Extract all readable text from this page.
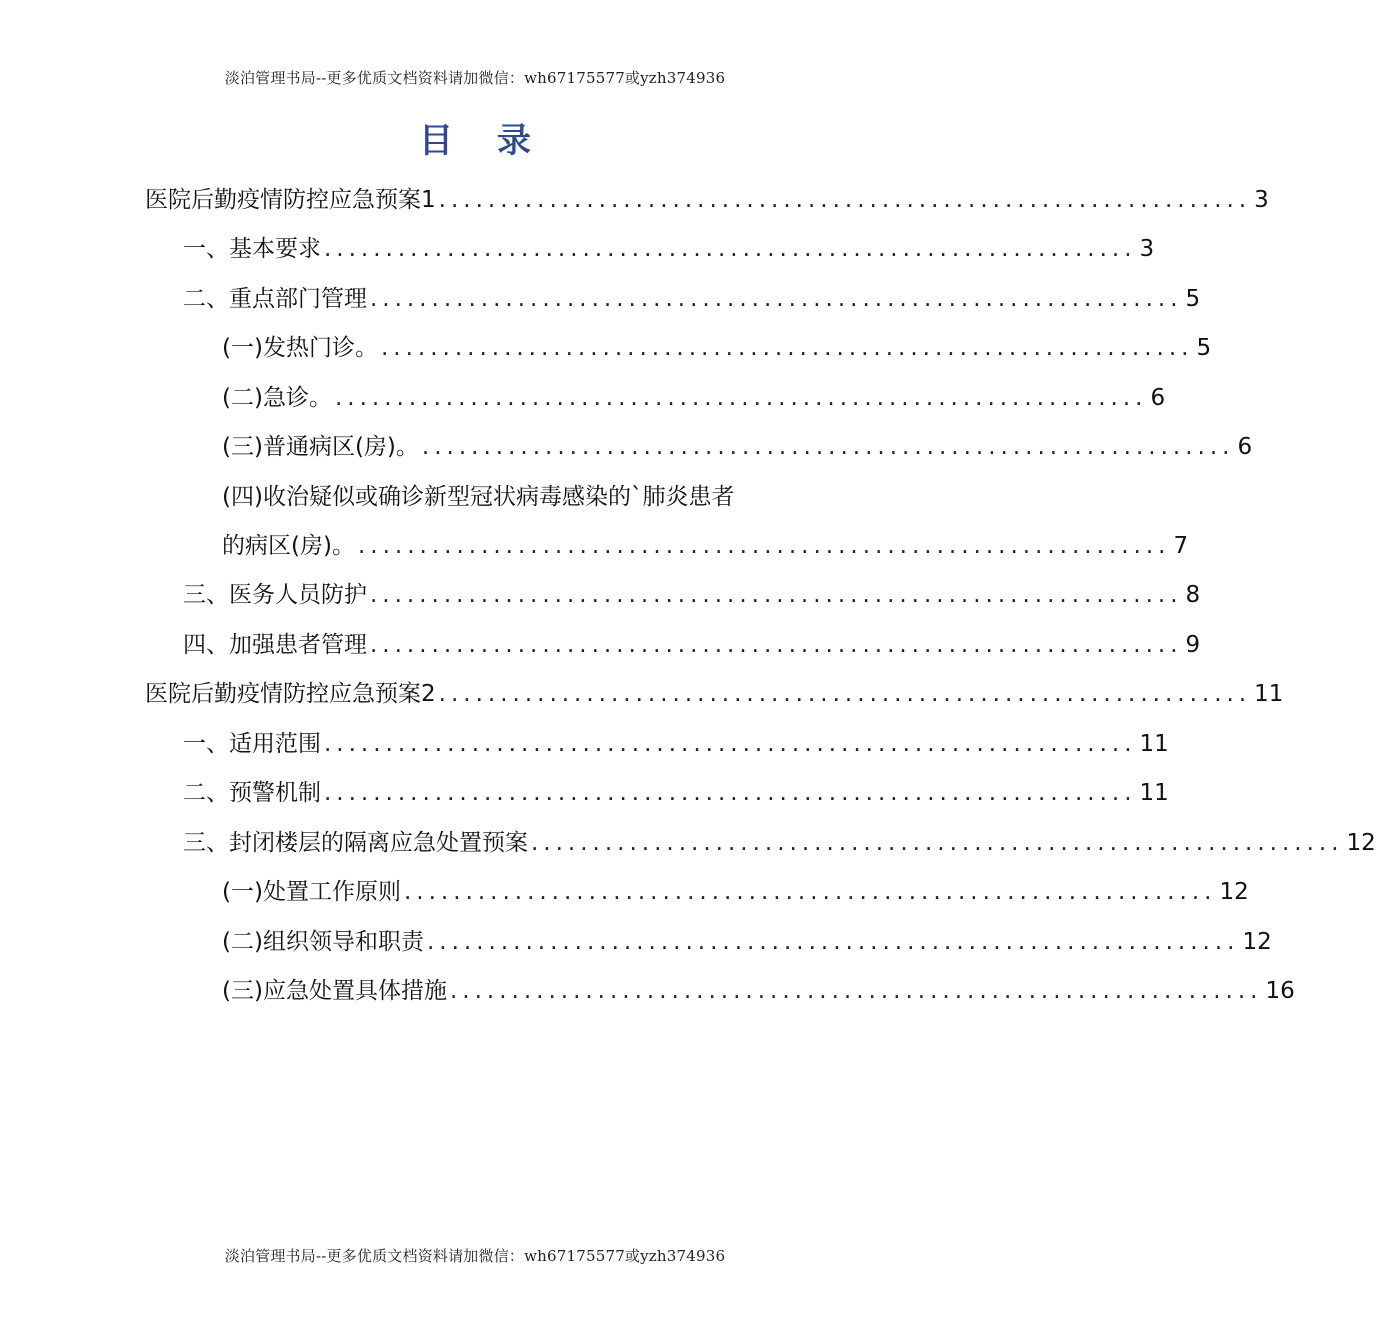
淡泊管理书局--更多优质文档资料请加微信：wh67175577或yzh374936
目录
医院后勤疫情防控应急预案1 .................................................................. 3
一、基本要求 .................................................................. 3
二、重点部门管理 .................................................................. 5
(一)发热门诊。 .................................................................. 5
(二)急诊。 .................................................................. 6
(三)普通病区(房)。 .................................................................. 6
(四)收治疑似或确诊新型冠状病毒感染的`肺炎患者
的病区(房)。 .................................................................. 7
三、医务人员防护 .................................................................. 8
四、加强患者管理 .................................................................. 9
医院后勤疫情防控应急预案2 .................................................................. 11
一、适用范围 .................................................................. 11
二、预警机制 .................................................................. 11
三、封闭楼层的隔离应急处置预案 .................................................................. 12
(一)处置工作原则 .................................................................. 12
(二)组织领导和职责 .................................................................. 12
(三)应急处置具体措施 .................................................................. 16
淡泊管理书局--更多优质文档资料请加微信：wh67175577或yzh374936
